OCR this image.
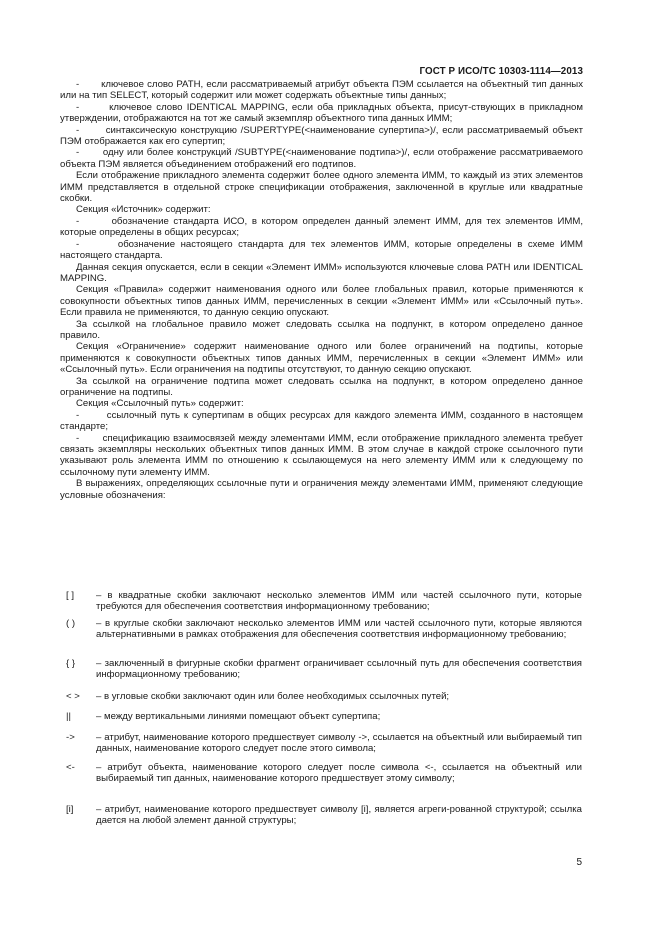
ГОСТ Р ИСО/ТС 10303-1114—2013

-       ключевое слово PATH, если рассматриваемый атрибут объекта ПЭМ ссылается на объектный тип данных или на тип SELECT, который содержит или может содержать объектные типы данных;

-       ключевое слово IDENTICAL MAPPING, если оба прикладных объекта, присут-ствующих в прикладном утверждении, отображаются на тот же самый экземпляр объектного типа данных ИММ;

-       синтаксическую конструкцию /SUPERTYPE(<наименование супертипа>)/, если рассматриваемый объект ПЭМ отображается как его супертип;

-       одну или более конструкций /SUBTYPE(<наименование подтипа>)/, если отображение рассматриваемого объекта ПЭМ является объединением отображений его подтипов.

Если отображение прикладного элемента содержит более одного элемента ИММ, то каждый из этих элементов ИММ представляется в отдельной строке спецификации отображения, заключенной в круглые или квадратные скобки.

Секция «Источник» содержит:

-       обозначение стандарта ИСО, в котором определен данный элемент ИММ, для тех элементов ИММ, которые определены в общих ресурсах;

-       обозначение настоящего стандарта для тех элементов ИММ, которые определены в схеме ИММ настоящего стандарта.

Данная секция опускается, если в секции «Элемент ИММ» используются ключевые слова PATH или IDENTICAL MAPPING.

Секция «Правила» содержит наименования одного или более глобальных правил, которые применяются к совокупности объектных типов данных ИММ, перечисленных в секции «Элемент ИММ» или «Ссылочный путь». Если правила не применяются, то данную секцию опускают.

За ссылкой на глобальное правило может следовать ссылка на подпункт, в котором определено данное правило.

Секция «Ограничение» содержит наименование одного или более ограничений на подтипы, которые применяются к совокупности объектных типов данных ИММ, перечисленных в секции «Элемент ИММ» или «Ссылочный путь». Если ограничения на подтипы отсутствуют, то данную секцию опускают.

За ссылкой на ограничение подтипа может следовать ссылка на подпункт, в котором определено данное ограничение на подтипы.

Секция «Ссылочный путь» содержит:

-       ссылочный путь к супертипам в общих ресурсах для каждого элемента ИММ, созданного в настоящем стандарте;

-       спецификацию взаимосвязей между элементами ИММ, если отображение прикладного элемента требует связать экземпляры нескольких объектных типов данных ИММ. В этом случае в каждой строке ссылочного пути указывают роль элемента ИММ по отношению к ссылающемуся на него элементу ИММ или к следующему по ссылочному пути элементу ИММ.

В выражениях, определяющих ссылочные пути и ограничения между элементами ИММ, применяют следующие условные обозначения:

[ ]	– в квадратные скобки заключают несколько элементов ИММ или частей ссылочного пути, которые требуются для обеспечения соответствия информационному требованию;
( )	– в круглые скобки заключают несколько элементов ИММ или частей ссылочного пути, которые являются альтернативными в рамках отображения для обеспечения соответствия информационному требованию;
{ }	– заключенный в фигурные скобки фрагмент ограничивает ссылочный путь для обеспечения соответствия информационному требованию;
< >	– в угловые скобки заключают один или более необходимых ссылочных путей;
||	– между вертикальными линиями помещают объект супертипа;
->	– атрибут, наименование которого предшествует символу ->, ссылается на объектный или выбираемый тип данных, наименование которого следует после этого символа;
<-	– атрибут объекта, наименование которого следует после символа <-, ссылается на объектный или выбираемый тип данных, наименование которого предшествует этому символу;
[i]	– атрибут, наименование которого предшествует символу [i], является агреги-рованной структурой; ссылка дается на любой элемент данной структуры;
5
